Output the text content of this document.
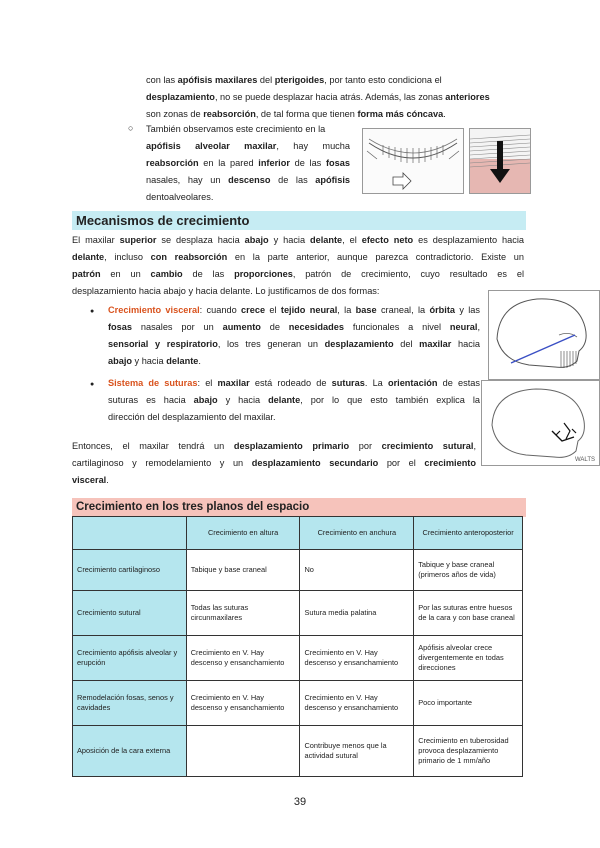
con las apófisis maxilares del pterigoides, por tanto esto condiciona el

desplazamiento, no se puede desplazar hacia atrás. Además, las zonas anteriores

son zonas de reabsorción, de tal forma que tienen forma más cóncava.

○ También observamos este crecimiento en la

apófisis alveolar maxilar, hay mucha

reabsorción en la pared inferior de las fosas

nasales, hay un descenso de las apófisis

dentoalveolares.

Mecanismos de crecimiento

El maxilar superior se desplaza hacia abajo y hacia delante, el efecto neto es desplazamiento hacia

delante, incluso con reabsorción en la parte anterior, aunque parezca contradictorio. Existe un

patrón en un cambio de las proporciones, patrón de crecimiento, cuyo resultado es el

desplazamiento hacia abajo y hacia delante. Lo justificamos de dos formas:

● Crecimiento visceral: cuando crece el tejido neural, la base craneal, la órbita y las

fosas nasales por un aumento de necesidades funcionales a nivel neural,

sensorial y respiratorio, los tres generan un desplazamiento del maxilar hacia

abajo y hacia delante.

● Sistema de suturas: el maxilar está rodeado de suturas. La orientación de estas

suturas es hacia abajo y hacia delante, por lo que esto también explica la

dirección del desplazamiento del maxilar.

WALTS

Entonces, el maxilar tendrá un desplazamiento primario por crecimiento sutural,

cartilaginoso y remodelamiento y un desplazamiento secundario por el crecimiento

visceral.

Crecimiento en los tres planos del espacio
	Crecimiento en altura	Crecimiento en anchura	Crecimiento anteroposterior
Crecimiento cartilaginoso	Tabique y base craneal	No	Tabique y base craneal (primeros años de vida)
Crecimiento sutural	Todas las suturas circunmaxilares	Sutura media palatina	Por las suturas entre huesos de la cara y con base craneal
Crecimiento apófisis alveolar y erupción	Crecimiento en V. Hay descenso y ensanchamiento	Crecimiento en V. Hay descenso y ensanchamiento	Apófisis alveolar crece divergentemente en todas direcciones
Remodelación fosas, senos y cavidades	Crecimiento en V. Hay descenso y ensanchamiento	Crecimiento en V. Hay descenso y ensanchamiento	Poco importante
Aposición de la cara externa		Contribuye menos que la actividad sutural	Crecimiento en tuberosidad provoca desplazamiento primario de 1 mm/año
39
